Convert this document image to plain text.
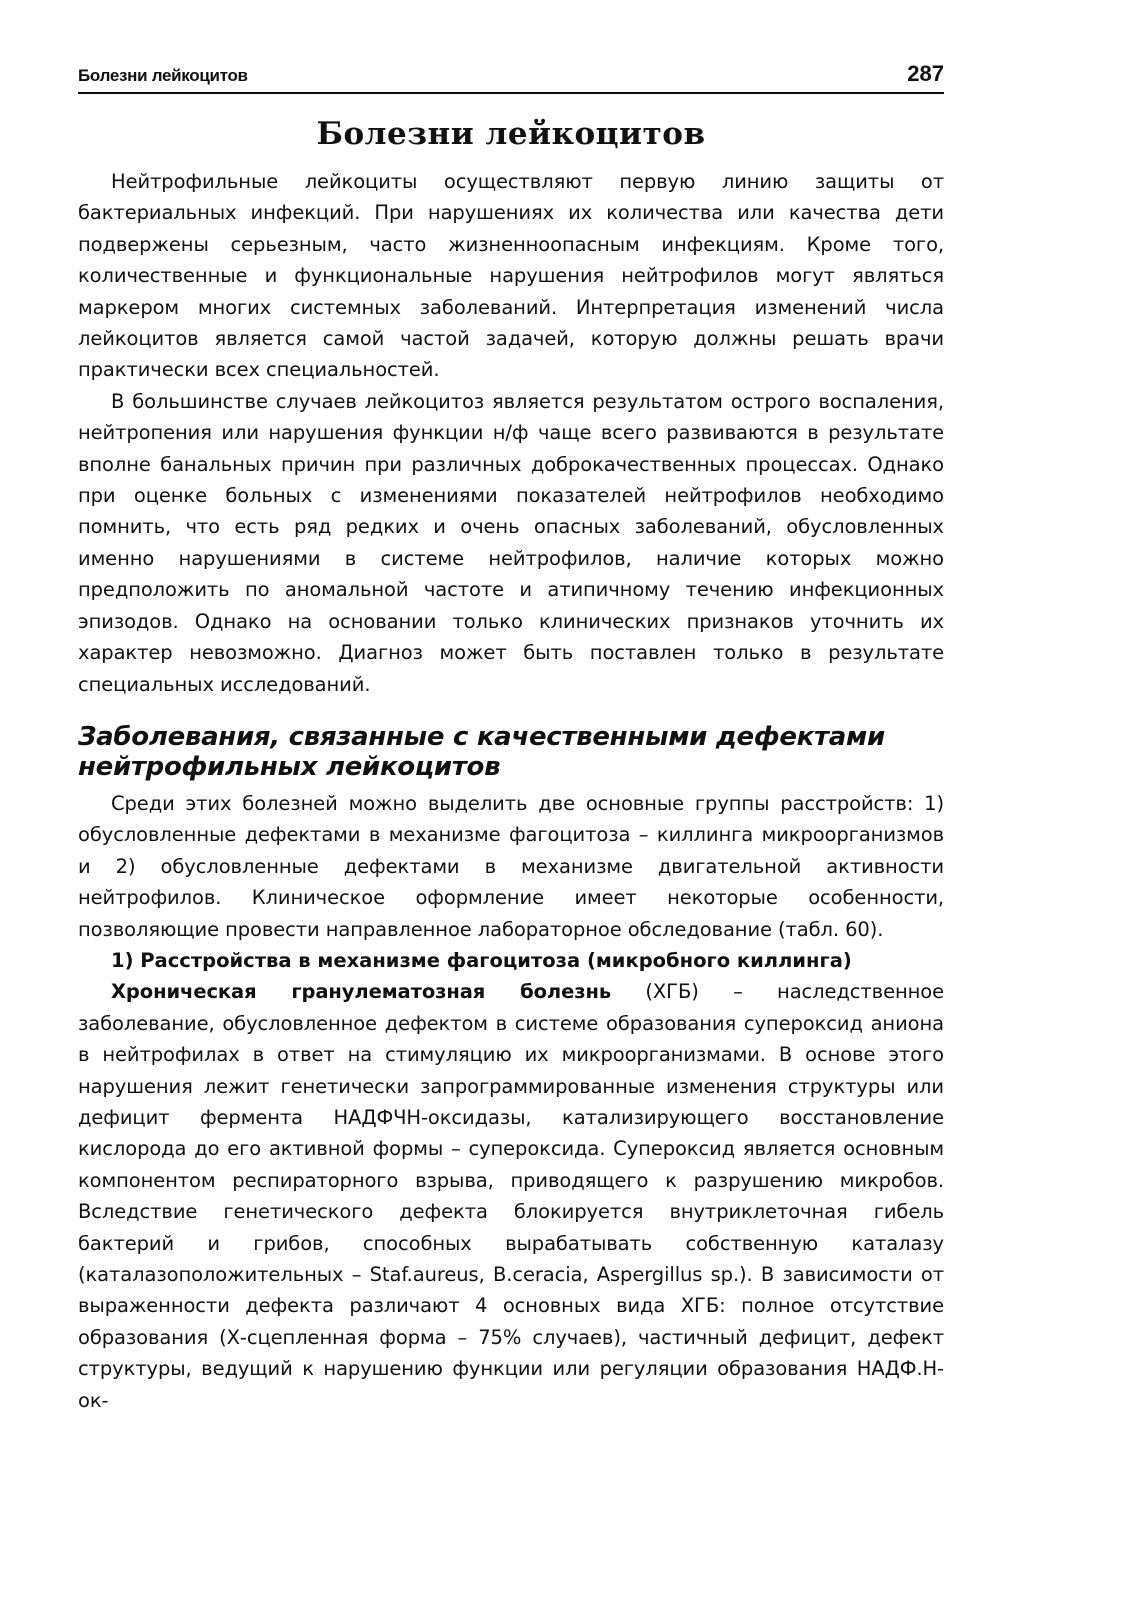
Болезни лейкоцитов	287
Болезни лейкоцитов

Нейтрофильные лейкоциты осуществляют первую линию защиты от бактериальных инфекций. При нарушениях их количества или качества дети подвержены серьезным, часто жизненноопасным инфекциям. Кроме того, количественные и функциональные нарушения нейтрофилов могут являться маркером многих системных заболеваний. Интерпретация изменений числа лейкоцитов является самой частой задачей, которую должны решать врачи практически всех специальностей.

В большинстве случаев лейкоцитоз является результатом острого воспаления, нейтропения или нарушения функции н/ф чаще всего развиваются в результате вполне банальных причин при различных доброкачественных процессах. Однако при оценке больных с изменениями показателей нейтрофилов необходимо помнить, что есть ряд редких и очень опасных заболеваний, обусловленных именно нарушениями в системе нейтрофилов, наличие которых можно предположить по аномальной частоте и атипичному течению инфекционных эпизодов. Однако на основании только клинических признаков уточнить их характер невозможно. Диагноз может быть поставлен только в результате специальных исследований.

Заболевания, связанные с качественными дефектами нейтрофильных лейкоцитов

Среди этих болезней можно выделить две основные группы расстройств: 1) обусловленные дефектами в механизме фагоцитоза – киллинга микроорганизмов и 2) обусловленные дефектами в механизме двигательной активности нейтрофилов. Клиническое оформление имеет некоторые особенности, позволяющие провести направленное лабораторное обследование (табл. 60).

1) Расстройства в механизме фагоцитоза (микробного киллинга)

Хроническая гранулематозная болезнь (ХГБ) – наследственное заболевание, обусловленное дефектом в системе образования супероксид аниона в нейтрофилах в ответ на стимуляцию их микроорганизмами. В основе этого нарушения лежит генетически запрограммированные изменения структуры или дефицит фермента НАДФЧН-оксидазы, катализирующего восстановление кислорода до его активной формы – супероксида. Супероксид является основным компонентом респираторного взрыва, приводящего к разрушению микробов. Вследствие генетического дефекта блокируется внутриклеточная гибель бактерий и грибов, способных вырабатывать собственную каталазу (каталазоположительных – Staf.aureus, B.ceracia, Aspergillus sp.). В зависимости от выраженности дефекта различают 4 основных вида ХГБ: полное отсутствие образования (Х-сцепленная форма – 75% случаев), частичный дефицит, дефект структуры, ведущий к нарушению функции или регуляции образования НАДФ.Н-ок-
